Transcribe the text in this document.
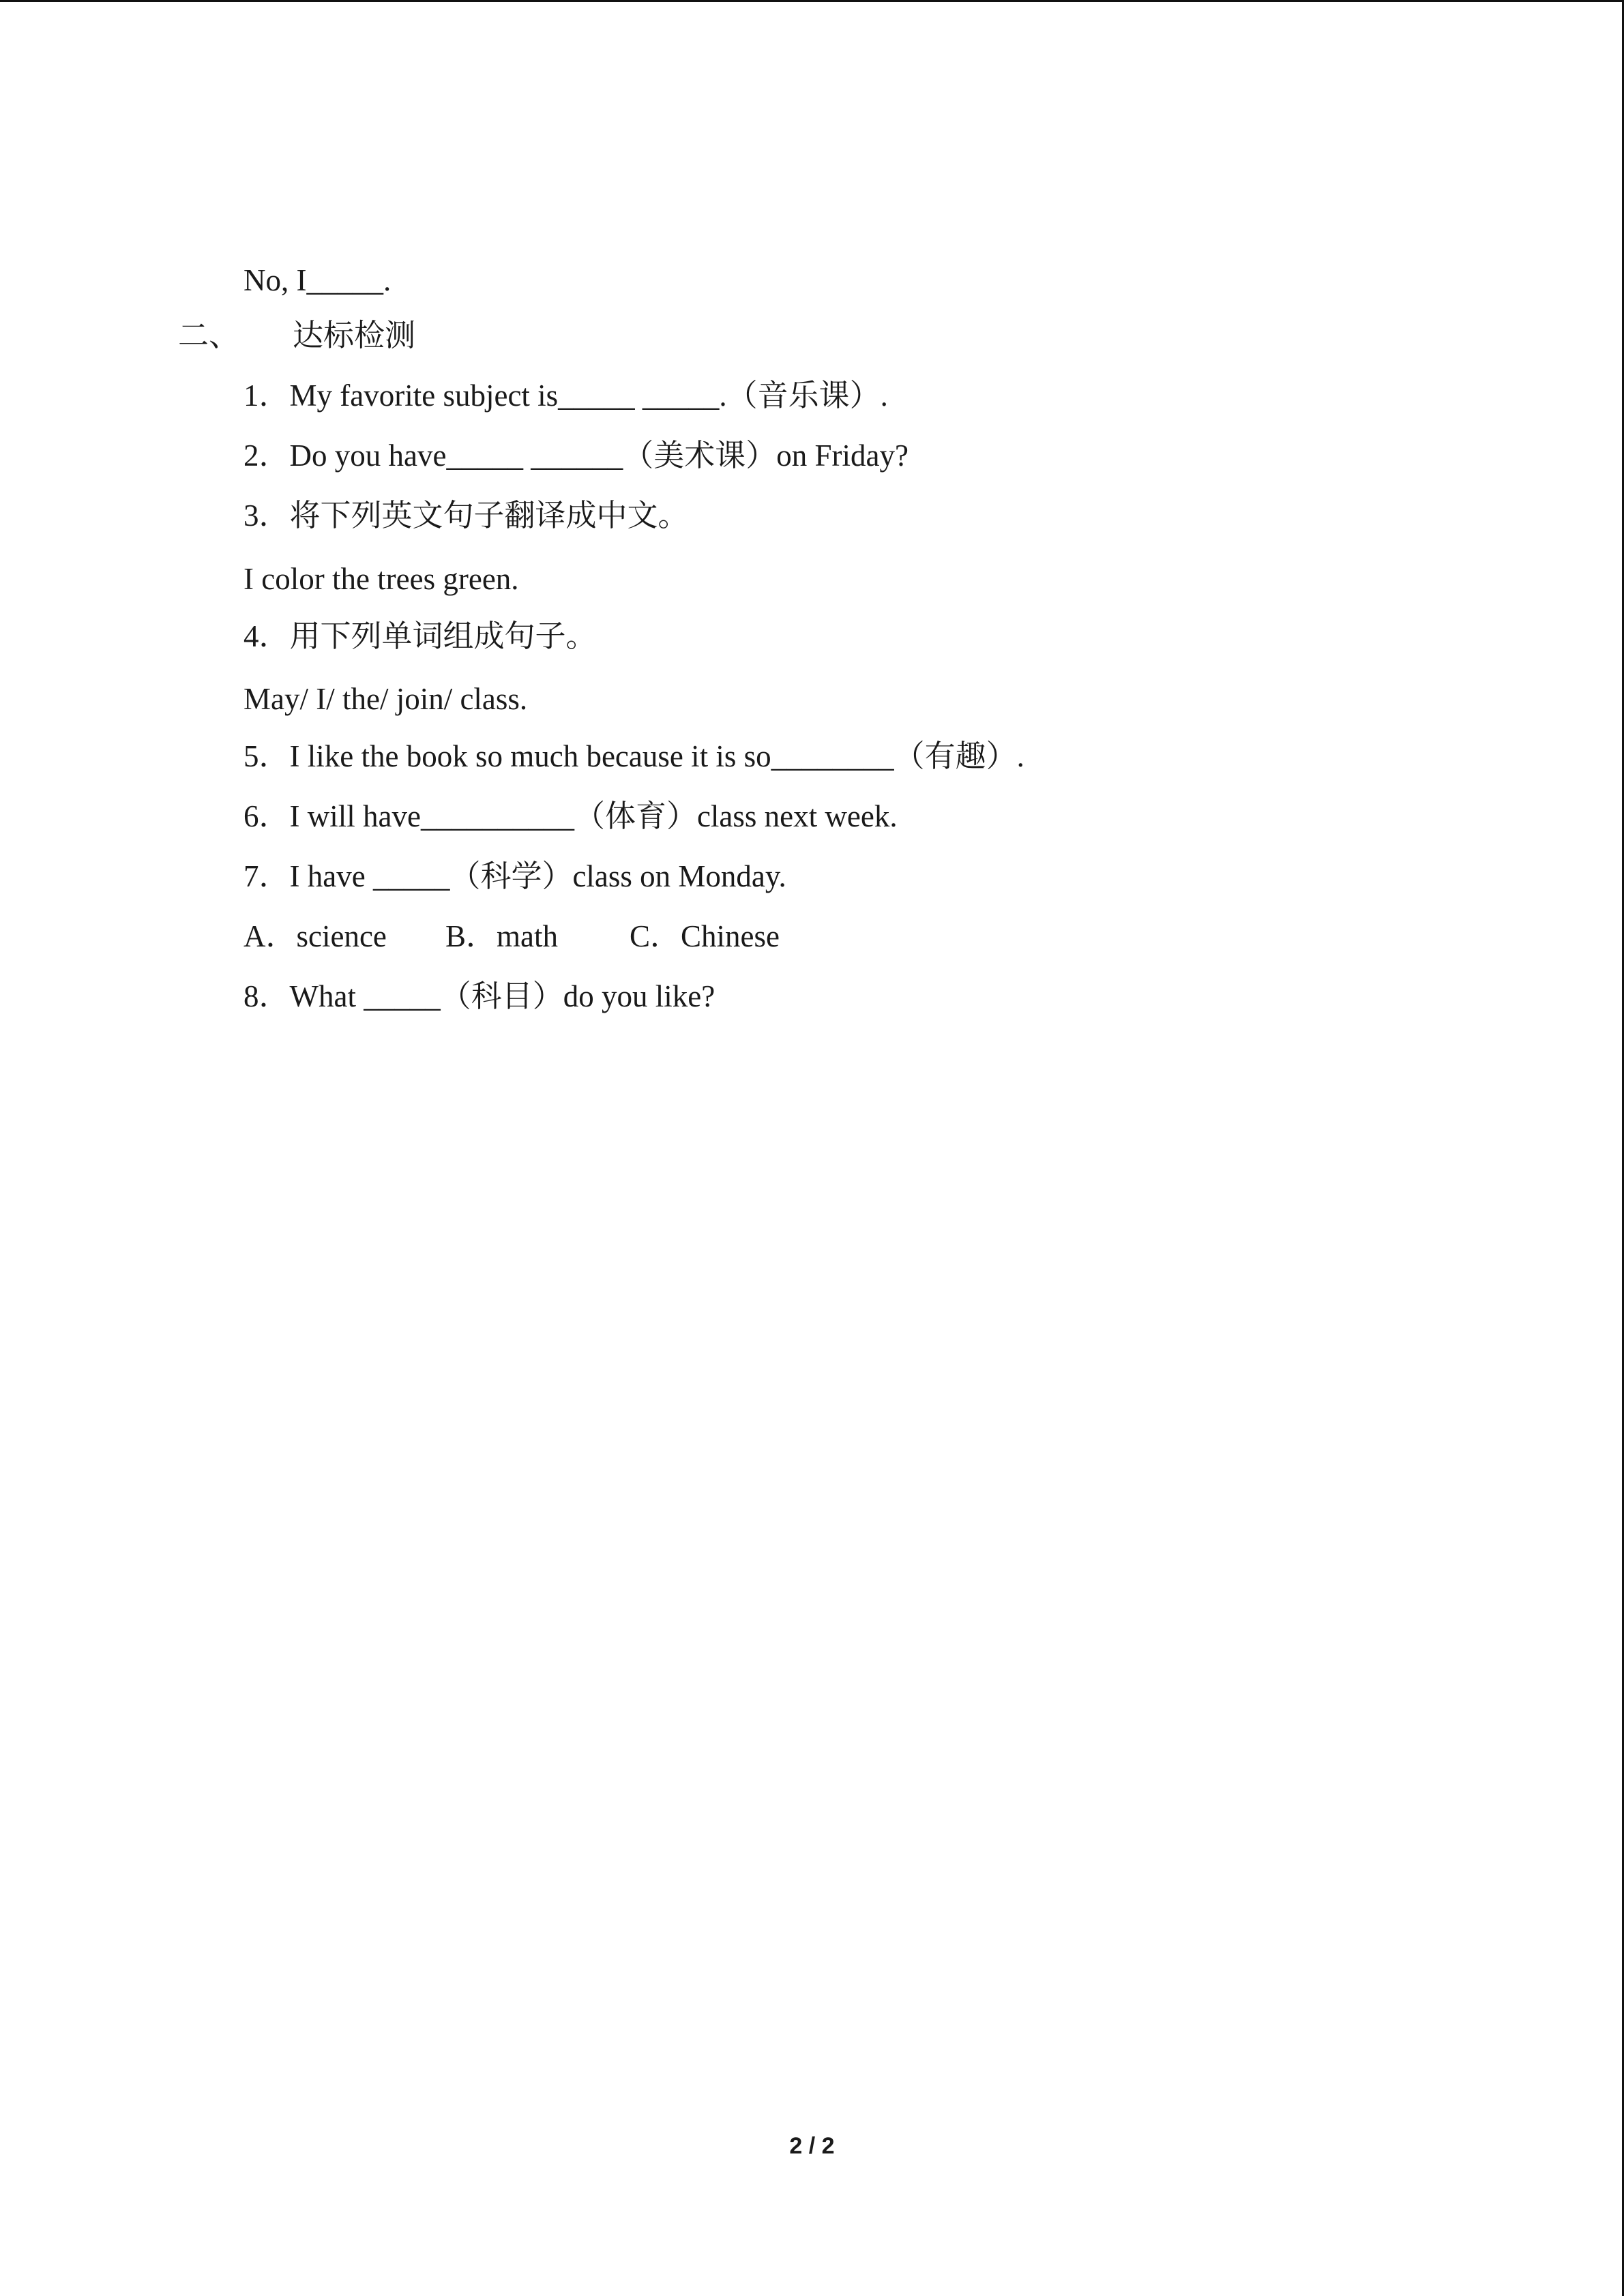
No, I_____.

二、 达标检测

1．My favorite subject is_____ _____.（音乐课）.

2．Do you have_____ ______（美术课）on Friday?

3．将下列英文句子翻译成中文。

I color the trees green.

4．用下列单词组成句子。

May/ I/ the/ join/ class.

5．I like the book so much because it is so________（有趣）.

6．I will have__________（体育）class next week.

7．I have _____（科学）class on Monday.

A．science B．math C．Chinese

8．What _____（科目）do you like?

2 / 2
